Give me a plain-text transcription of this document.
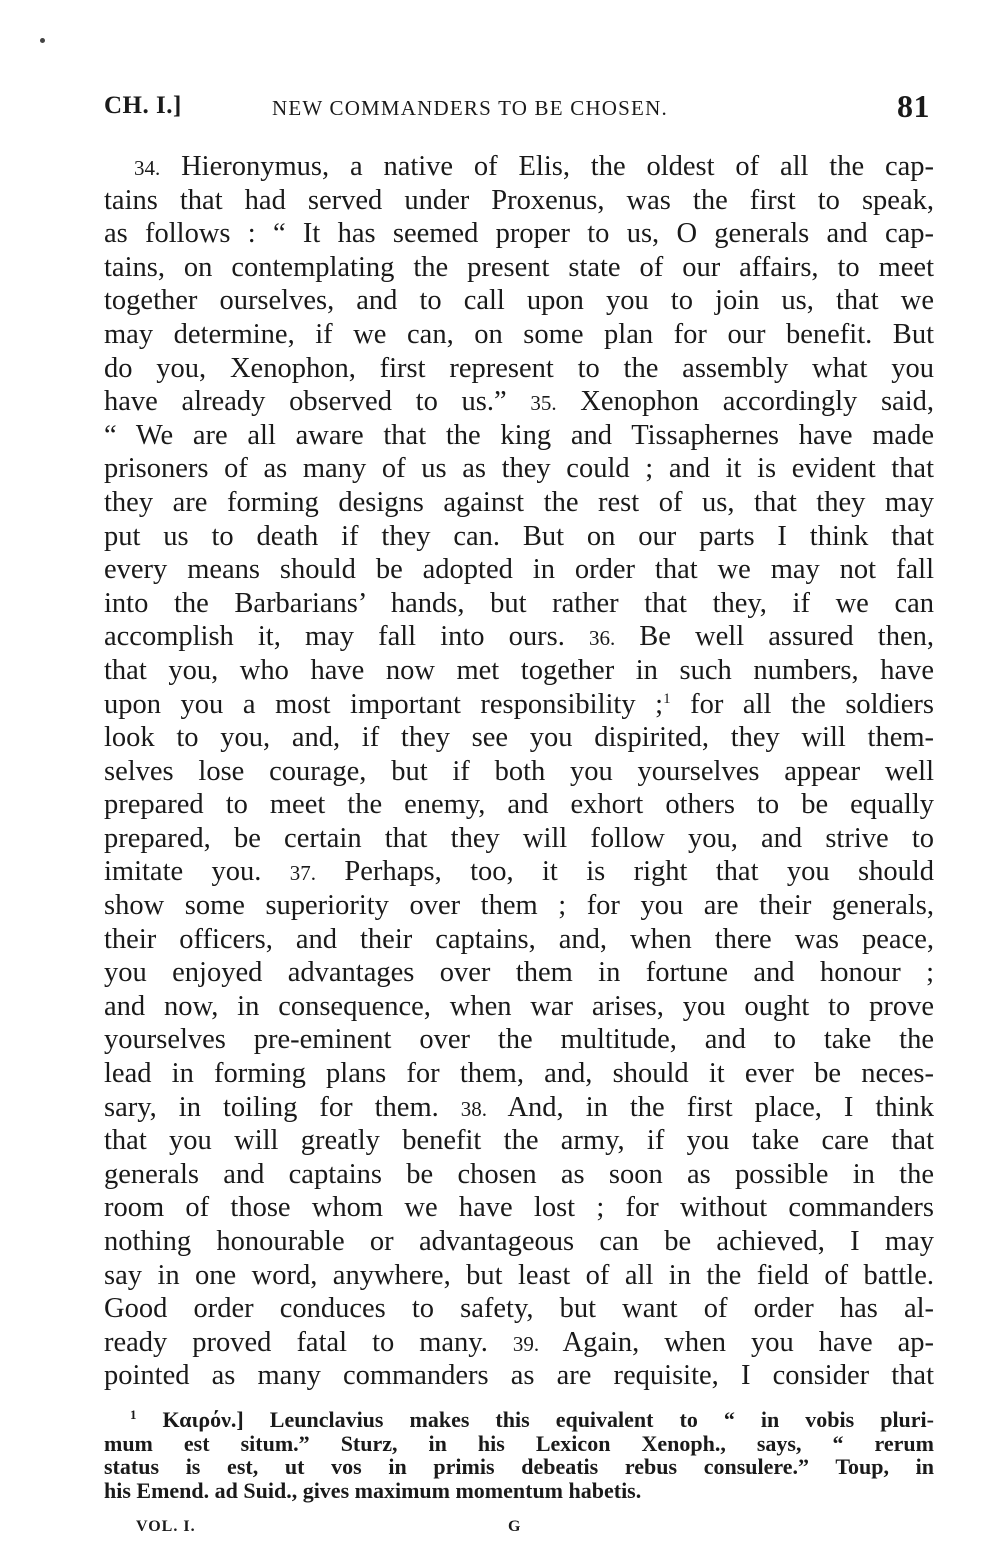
CH. I.]	NEW COMMANDERS TO BE CHOSEN.	81
34. Hieronymus, a native of Elis, the oldest of all the cap-
tains that had served under Proxenus, was the first to speak,
as follows : “ It has seemed proper to us, O generals and cap-
tains, on contemplating the present state of our affairs, to meet
together ourselves, and to call upon you to join us, that we
may determine, if we can, on some plan for our benefit. But
do you, Xenophon, first represent to the assembly what you
have already observed to us.” 35. Xenophon accordingly said,
“ We are all aware that the king and Tissaphernes have made
prisoners of as many of us as they could ; and it is evident that
they are forming designs against the rest of us, that they may
put us to death if they can. But on our parts I think that
every means should be adopted in order that we may not fall
into the Barbarians’ hands, but rather that they, if we can
accomplish it, may fall into ours. 36. Be well assured then,
that you, who have now met together in such numbers, have
upon you a most important responsibility ;$^1$ for all the soldiers
look to you, and, if they see you dispirited, they will them-
selves lose courage, but if both you yourselves appear well
prepared to meet the enemy, and exhort others to be equally
prepared, be certain that they will follow you, and strive to
imitate you. 37. Perhaps, too, it is right that you should
show some superiority over them ; for you are their generals,
their officers, and their captains, and, when there was peace,
you enjoyed advantages over them in fortune and honour ;
and now, in consequence, when war arises, you ought to prove
yourselves pre-eminent over the multitude, and to take the
lead in forming plans for them, and, should it ever be neces-
sary, in toiling for them. 38. And, in the first place, I think
that you will greatly benefit the army, if you take care that
generals and captains be chosen as soon as possible in the
room of those whom we have lost ; for without commanders
nothing honourable or advantageous can be achieved, I may
say in one word, anywhere, but least of all in the field of battle.
Good order conduces to safety, but want of order has al-
ready proved fatal to many. 39. Again, when you have ap-
pointed as many commanders as are requisite, I consider that
$^1$ Καιρόν.] Leunclavius makes this equivalent to “ in vobis pluri-
mum est situm.” Sturz, in his Lexicon Xenoph., says, “ rerum
status is est, ut vos in primis debeatis rebus consulere.” Toup, in
his Emend. ad Suid., gives maximum momentum habetis.
VOL. I.	G
